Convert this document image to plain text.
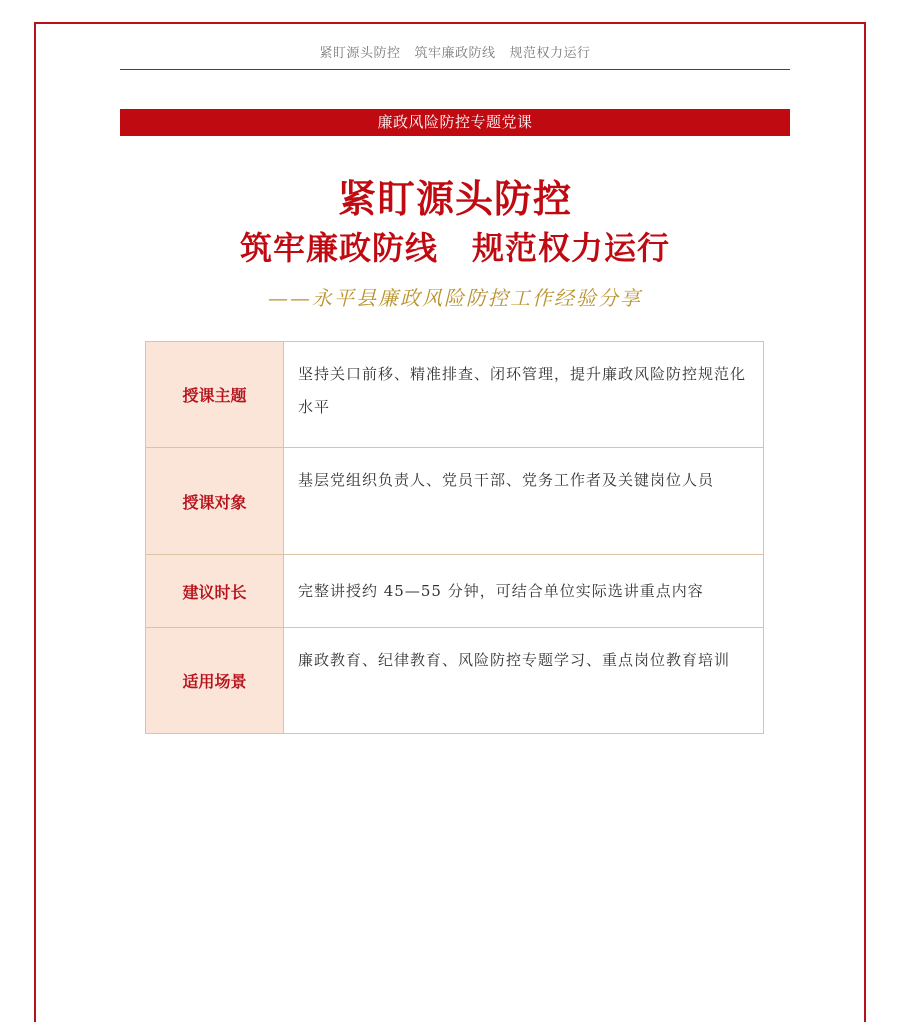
紧盯源头防控 筑牢廉政防线 规范权力运行
廉政风险防控专题党课
紧盯源头防控
筑牢廉政防线 规范权力运行
——永平县廉政风险防控工作经验分享
授课主题
坚持关口前移、精准排查、闭环管理，提升廉政风险防控规范化水平
授课对象
基层党组织负责人、党员干部、党务工作者及关键岗位人员
建议时长	完整讲授约 45—55 分钟，可结合单位实际选讲重点内容
适用场景
廉政教育、纪律教育、风险防控专题学习、重点岗位教育培训
